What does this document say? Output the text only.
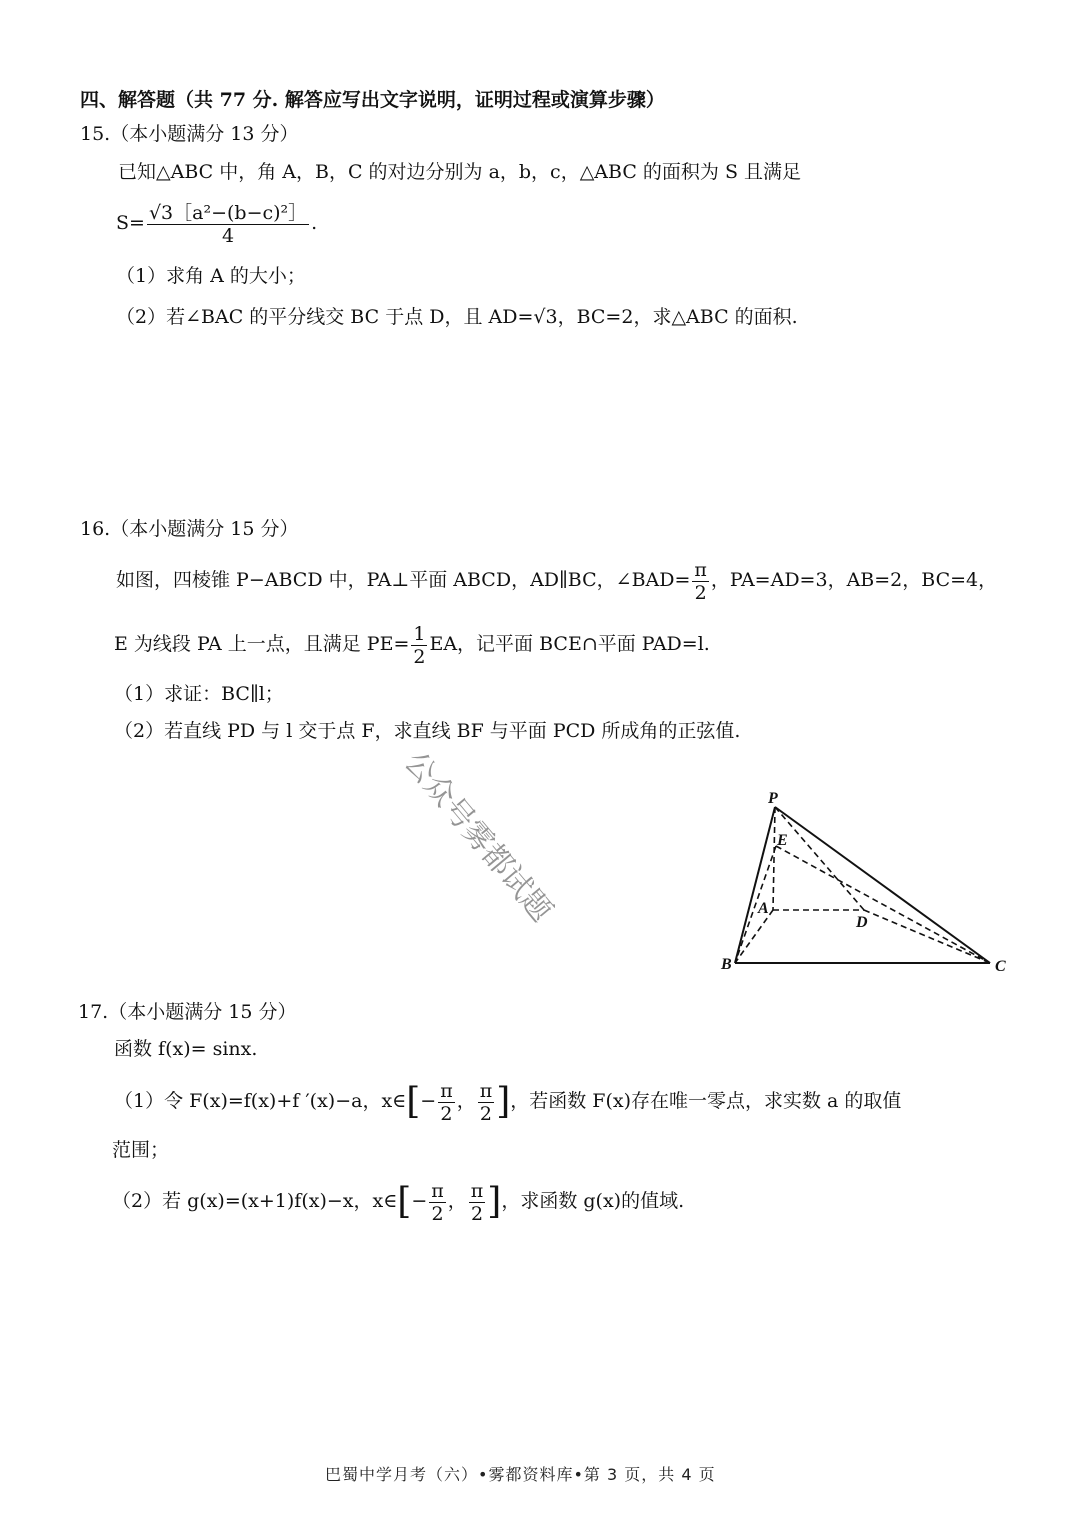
四、解答题（共 77 分. 解答应写出文字说明，证明过程或演算步骤）
15.（本小题满分 13 分）
已知△ABC 中，角 A，B，C 的对边分别为 a，b，c，△ABC 的面积为 S 且满足
$S= \frac{\text{√3［a²−(b−c)²］}}{4}$ .
（1）求角 A 的大小；
（2）若∠BAC 的平分线交 BC 于点 D，且 AD=√3，BC=2，求△ABC 的面积.
16.（本小题满分 15 分）
如图，四棱锥 P−ABCD 中，PA⊥平面 ABCD，AD∥BC，∠BAD= $\frac{\pi}{2}$ ，PA=AD=3，AB=2，BC=4，
E 为线段 PA 上一点，且满足 $PE= \frac{1}{2}$ EA，记平面 BCE∩平面 PAD=l.
（1）求证：BC∥l；
（2）若直线 PD 与 l 交于点 F，求直线 BF 与平面 PCD 所成角的正弦值.
P
E
A
D
B	C
17.（本小题满分 15 分）
函数 f(x)= sinx.
（1）令 F(x)=f(x)+f ′(x)−a，x∈[− $\frac{\pi}{2}$ ， $\frac{\pi}{2}$ ]，若函数 F(x)存在唯一零点，求实数 a 的取值
范围；
（2）若 g(x)=(x+1)f(x)−x，x∈[− $\frac{\pi}{2}$ ， $\frac{\pi}{2}$ ]，求函数 g(x)的值域.
公众号雾都试题
巴蜀中学月考（六）•雾都资料库•第 3 页，共 4 页
